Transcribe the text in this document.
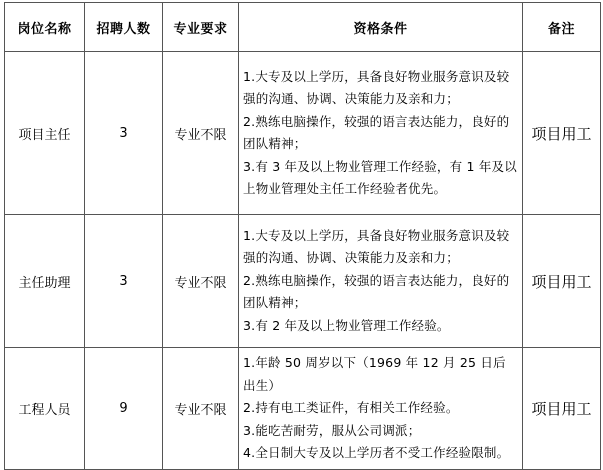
岗位名称	招聘人数	专业要求	资格条件	备注
项目主任	3	专业不限	1.大专及以上学历，具备良好物业服务意识及较强的沟通、协调、决策能力及亲和力；
2.熟练电脑操作，较强的语言表达能力，良好的团队精神；
3.有 3 年及以上物业管理工作经验，有 1 年及以上物业管理处主任工作经验者优先。	项目用工
主任助理	3	专业不限	1.大专及以上学历，具备良好物业服务意识及较强的沟通、协调、决策能力及亲和力；
2.熟练电脑操作，较强的语言表达能力，良好的团队精神；
3.有 2 年及以上物业管理工作经验。	项目用工
工程人员	9	专业不限	1.年龄 50 周岁以下（1969 年 12 月 25 日后出生）
2.持有电工类证件，有相关工作经验。
3.能吃苦耐劳，服从公司调派；
4.全日制大专及以上学历者不受工作经验限制。	项目用工
